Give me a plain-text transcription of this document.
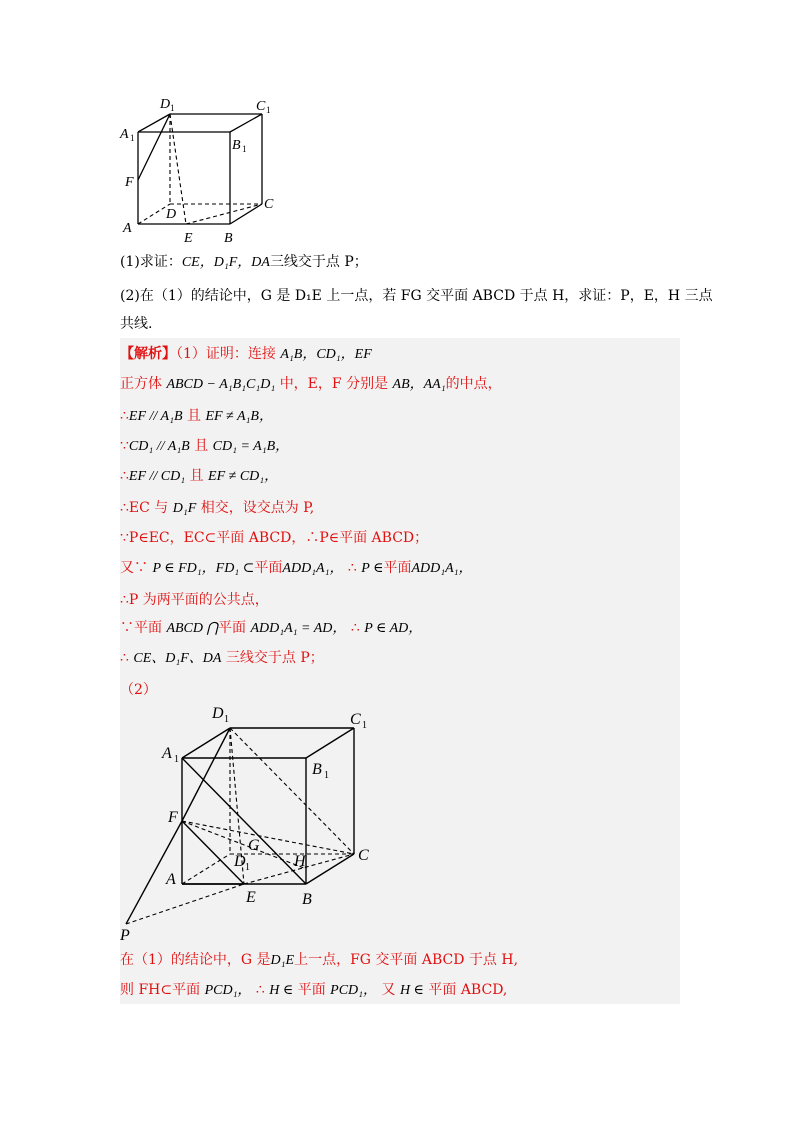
D 1	C 1
A 1	B 1
F
A
D
C
E B
(1)求证：CE，D₁F，DA三线交于点 P；
(2)在（1）的结论中，G 是 D₁E 上一点，若 FG 交平面 ABCD 于点 H，求证：P，E，H 三点
共线.
【解析】（1）证明：连接 A₁B，CD₁，EF
正方体 ABCD − A₁B₁C₁D₁ 中，E，F 分别是 AB，AA₁的中点，
∴EF // A₁B 且 EF ≠ A₁B，
∵CD₁ // A₁B 且 CD₁ = A₁B，
∴EF // CD₁ 且 EF ≠ CD₁，
∴EC 与 D₁F 相交，设交点为 P,
∵P∈EC，EC⊂平面 ABCD，∴P∈平面 ABCD；
又∵ P ∈ FD₁，FD₁ ⊂平面ADD₁A₁， ∴ P ∈平面ADD₁A₁，
∴P 为两平面的公共点，
∵平面 ABCD ⋂平面 ADD₁A₁ = AD， ∴ P ∈ AD，
∴ CE、D₁F、DA 三线交于点 P；
（2）
D 1	C 1
A 1
B 1
F
G
D 1	H	C
A
E	B
P
在（1）的结论中，G 是D₁E上一点，FG 交平面 ABCD 于点 H,
则 FH⊂平面 PCD₁， ∴ H ∈ 平面 PCD₁， 又 H ∈ 平面 ABCD,
